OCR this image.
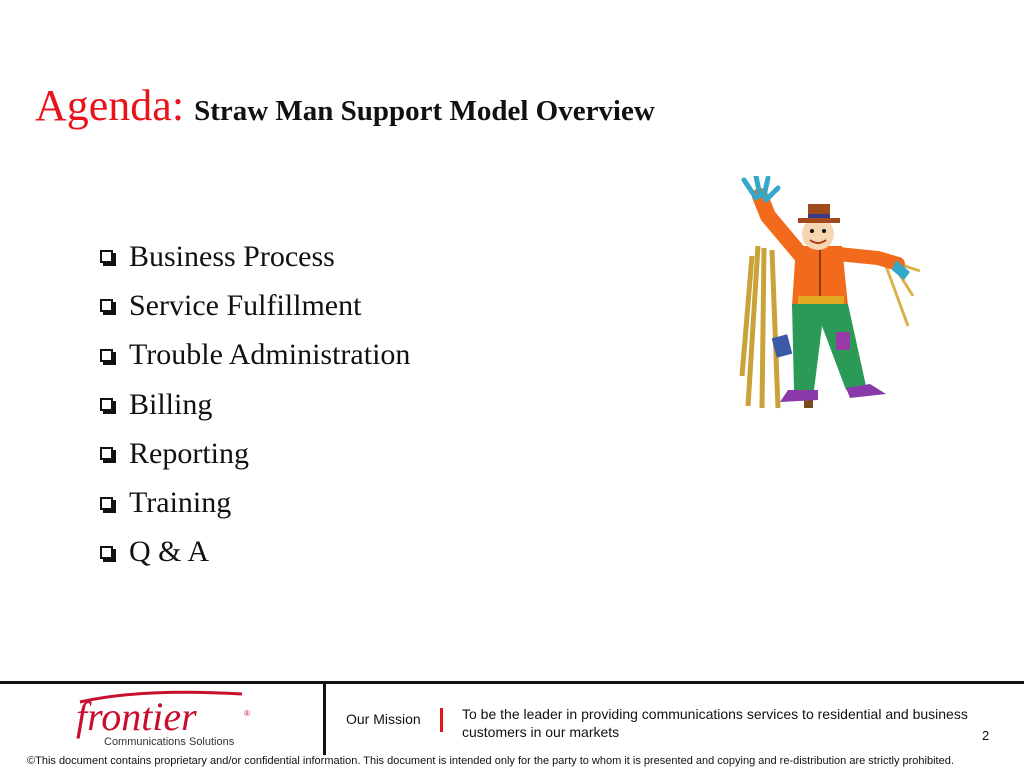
Agenda: Straw Man Support Model Overview
Business Process
Service Fulfillment
Trouble Administration
Billing
Reporting
Training
Q & A
frontier	®
Communications Solutions
Our Mission	To be the leader in providing communications services to residential and business customers in our markets	2
©This document contains proprietary and/or confidential information. This document is intended only for the party to whom it is presented and copying and re-distribution are strictly prohibited.
